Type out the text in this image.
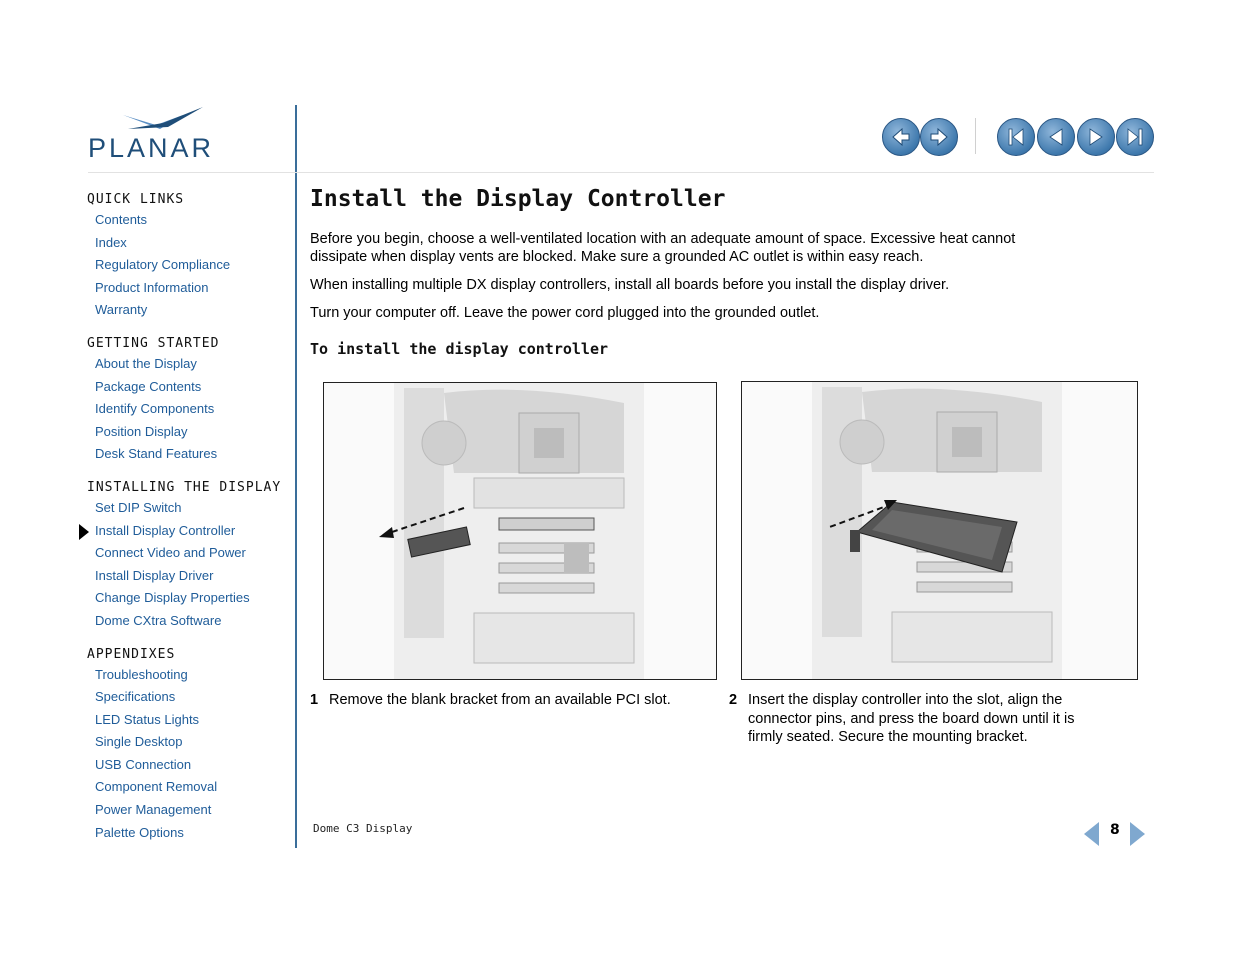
PLANAR
QUICK LINKS
Contents
Index
Regulatory Compliance
Product Information
Warranty
GETTING STARTED
About the Display
Package Contents
Identify Components
Position Display
Desk Stand Features
INSTALLING THE DISPLAY
Set DIP Switch
Install Display Controller
Connect Video and Power
Install Display Driver
Change Display Properties
Dome CXtra Software
APPENDIXES
Troubleshooting
Specifications
LED Status Lights
Single Desktop
USB Connection
Component Removal
Power Management
Palette Options
Install the Display Controller

Before you begin, choose a well-ventilated location with an adequate amount of space. Excessive heat cannot dissipate when display vents are blocked. Make sure a grounded AC outlet is within easy reach.

When installing multiple DX display controllers, install all boards before you install the display driver.

Turn your computer off. Leave the power cord plugged into the grounded outlet.

To install the display controller
1 Remove the blank bracket from an available PCI slot.	2 Insert the display controller into the slot, align the connector pins, and press the board down until it is firmly seated. Secure the mounting bracket.
Dome C3 Display	8
